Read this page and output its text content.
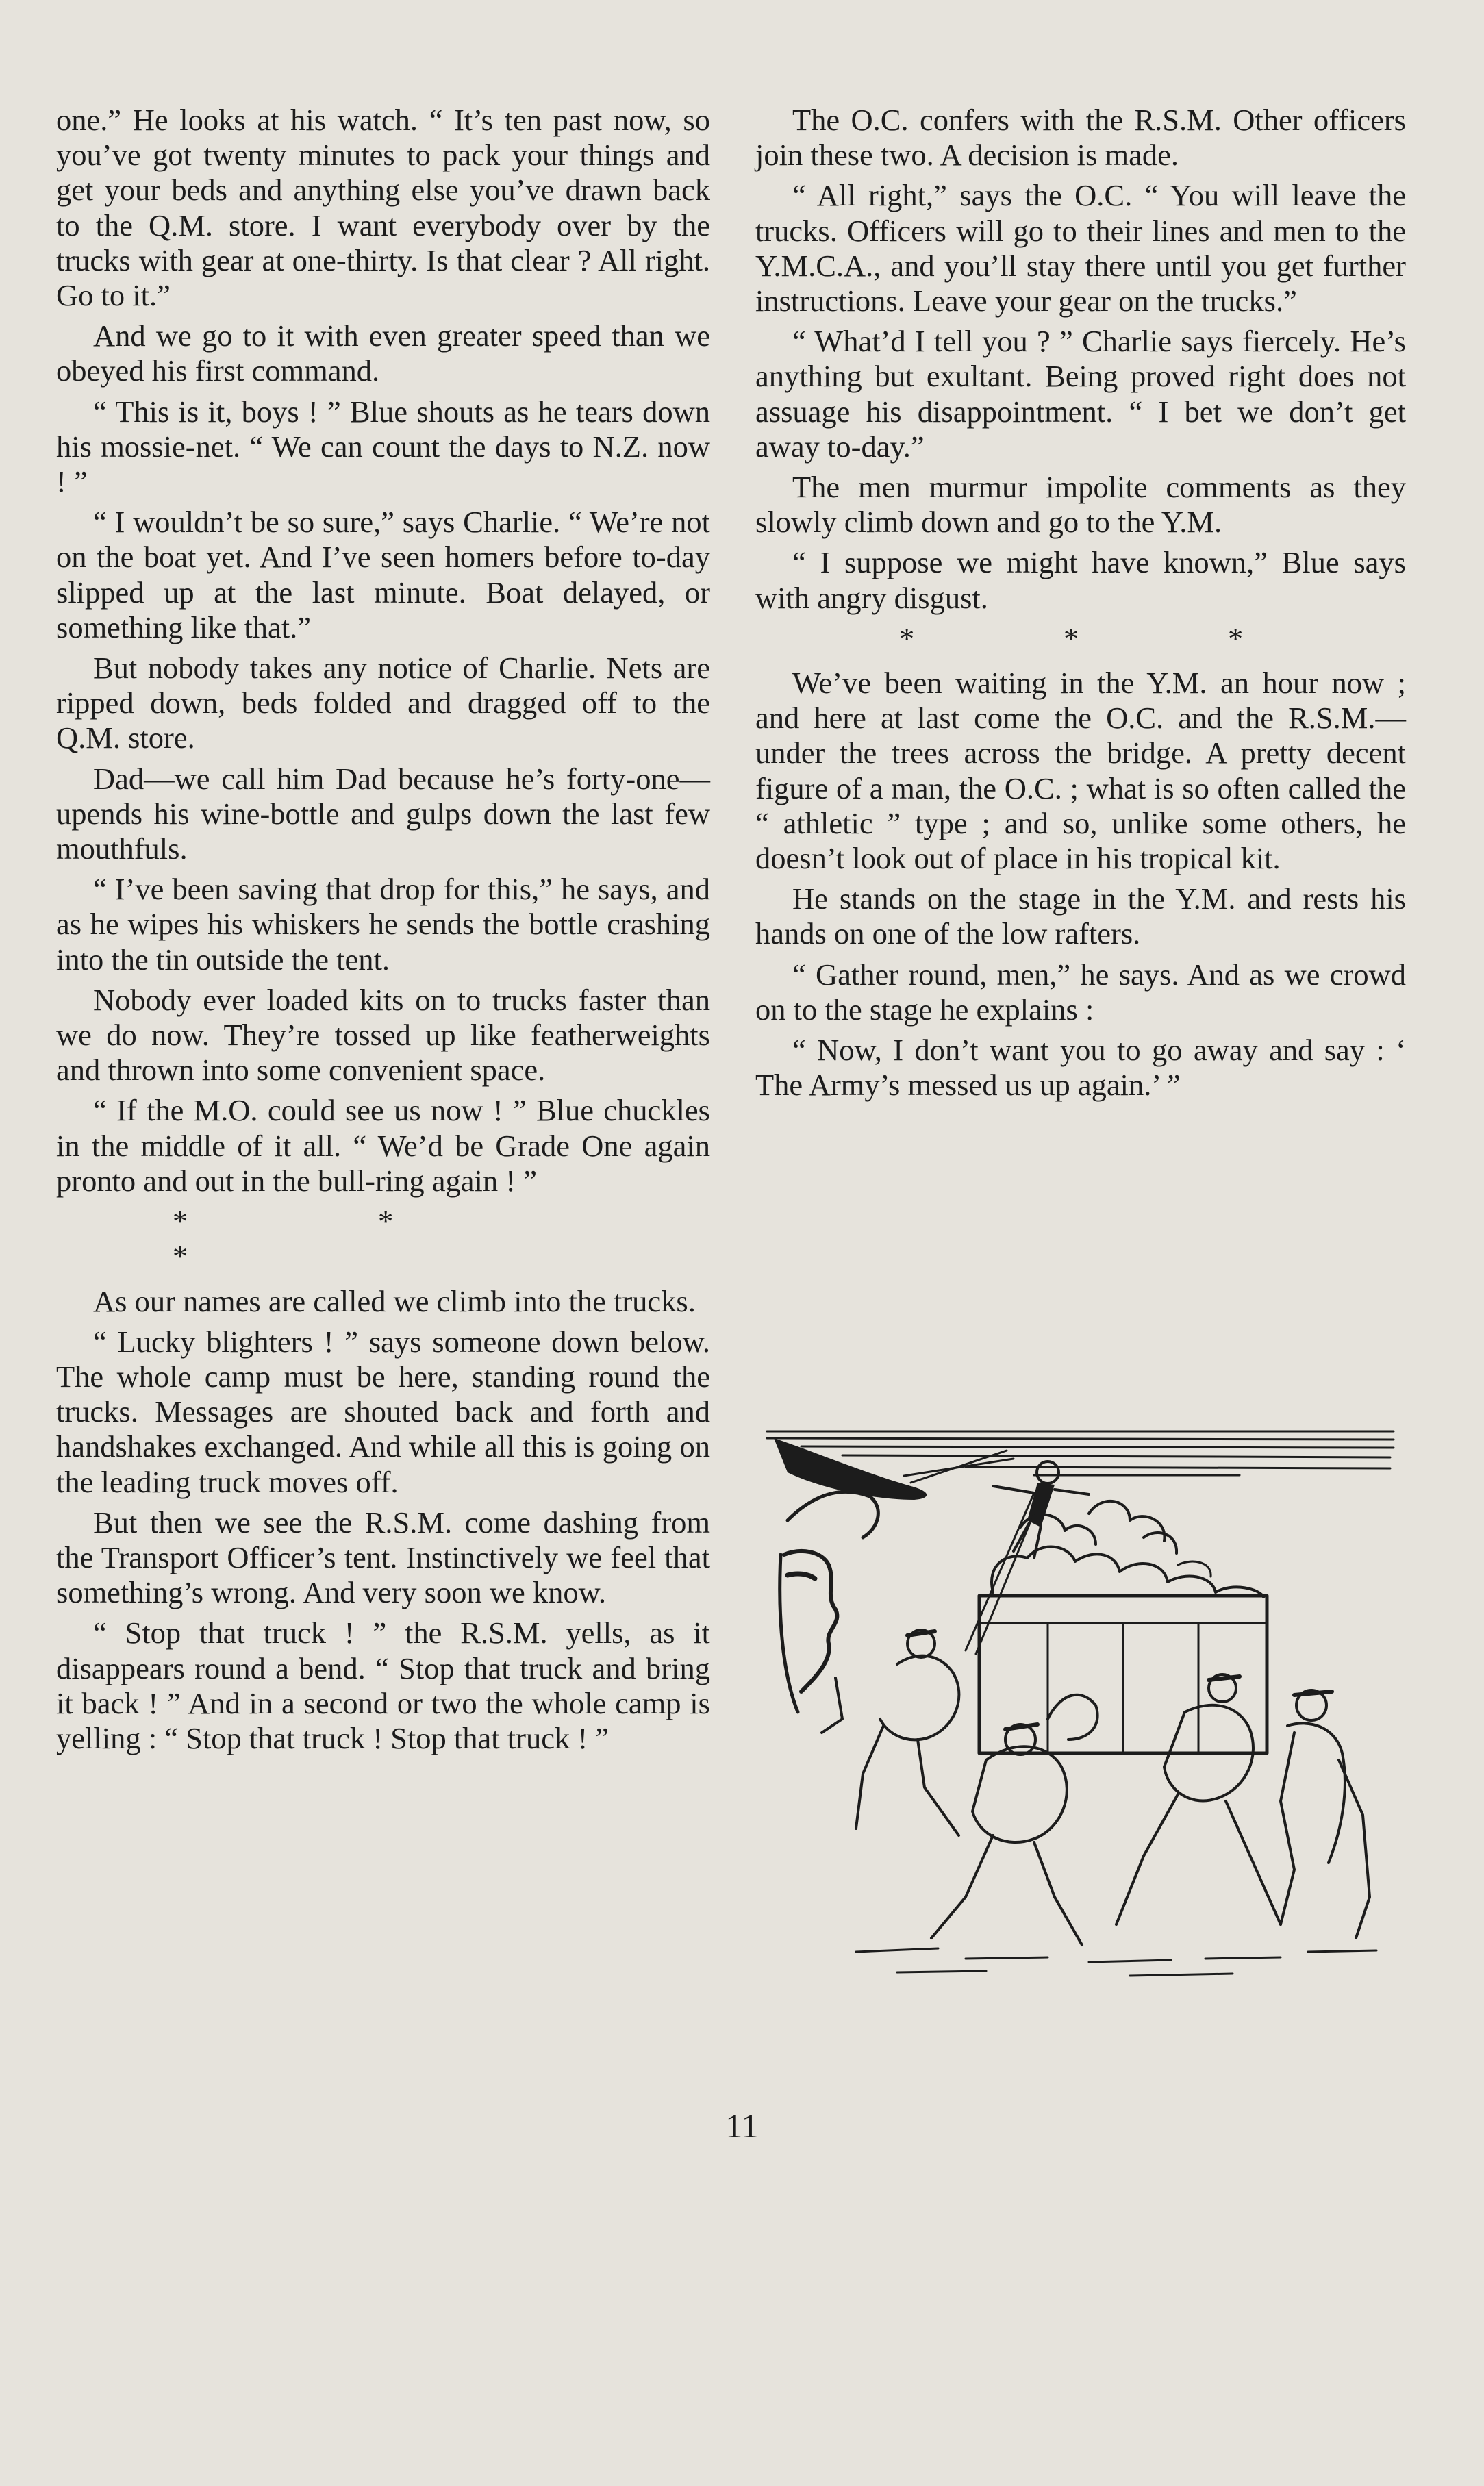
one.” He looks at his watch. “ It’s ten past now, so you’ve got twenty minutes to pack your things and get your beds and anything else you’ve drawn back to the Q.M. store. I want everybody over by the trucks with gear at one-thirty. Is that clear ? All right. Go to it.”

And we go to it with even greater speed than we obeyed his first command.

“ This is it, boys ! ” Blue shouts as he tears down his mossie-net. “ We can count the days to N.Z. now ! ”

“ I wouldn’t be so sure,” says Charlie. “ We’re not on the boat yet. And I’ve seen homers before to-day slipped up at the last minute. Boat delayed, or something like that.”

But nobody takes any notice of Charlie. Nets are ripped down, beds folded and dragged off to the Q.M. store.

Dad—we call him Dad because he’s forty-one—upends his wine-bottle and gulps down the last few mouthfuls.

“ I’ve been saving that drop for this,” he says, and as he wipes his whiskers he sends the bottle crashing into the tin outside the tent.

Nobody ever loaded kits on to trucks faster than we do now. They’re tossed up like featherweights and thrown into some convenient space.

“ If the M.O. could see us now ! ” Blue chuckles in the middle of it all. “ We’d be Grade One again pronto and out in the bull-ring again ! ”

*	**

As our names are called we climb into the trucks.

“ Lucky blighters ! ” says someone down below. The whole camp must be here, standing round the trucks. Messages are shouted back and forth and handshakes exchanged. And while all this is going on the leading truck moves off.

But then we see the R.S.M. come dashing from the Transport Officer’s tent. Instinctively we feel that something’s wrong. And very soon we know.

“ Stop that truck ! ” the R.S.M. yells, as it disappears round a bend. “ Stop that truck and bring it back ! ” And in a second or two the whole camp is yelling : “ Stop that truck ! Stop that truck ! ”

The O.C. confers with the R.S.M. Other officers join these two. A decision is made.

“ All right,” says the O.C. “ You will leave the trucks. Officers will go to their lines and men to the Y.M.C.A., and you’ll stay there until you get further instructions. Leave your gear on the trucks.”

“ What’d I tell you ? ” Charlie says fiercely. He’s anything but exultant. Being proved right does not assuage his disappointment. “ I bet we don’t get away to-day.”

The men murmur impolite comments as they slowly climb down and go to the Y.M.

“ I suppose we might have known,” Blue says with angry disgust.

*	*	*

We’ve been waiting in the Y.M. an hour now ; and here at last come the O.C. and the R.S.M.—under the trees across the bridge. A pretty decent figure of a man, the O.C. ; what is so often called the “ athletic ” type ; and so, unlike some others, he doesn’t look out of place in his tropical kit.

He stands on the stage in the Y.M. and rests his hands on one of the low rafters.

“ Gather round, men,” he says. And as we crowd on to the stage he explains :

“ Now, I don’t want you to go away and say : ‘ The Army’s messed us up again.’ ”

11
